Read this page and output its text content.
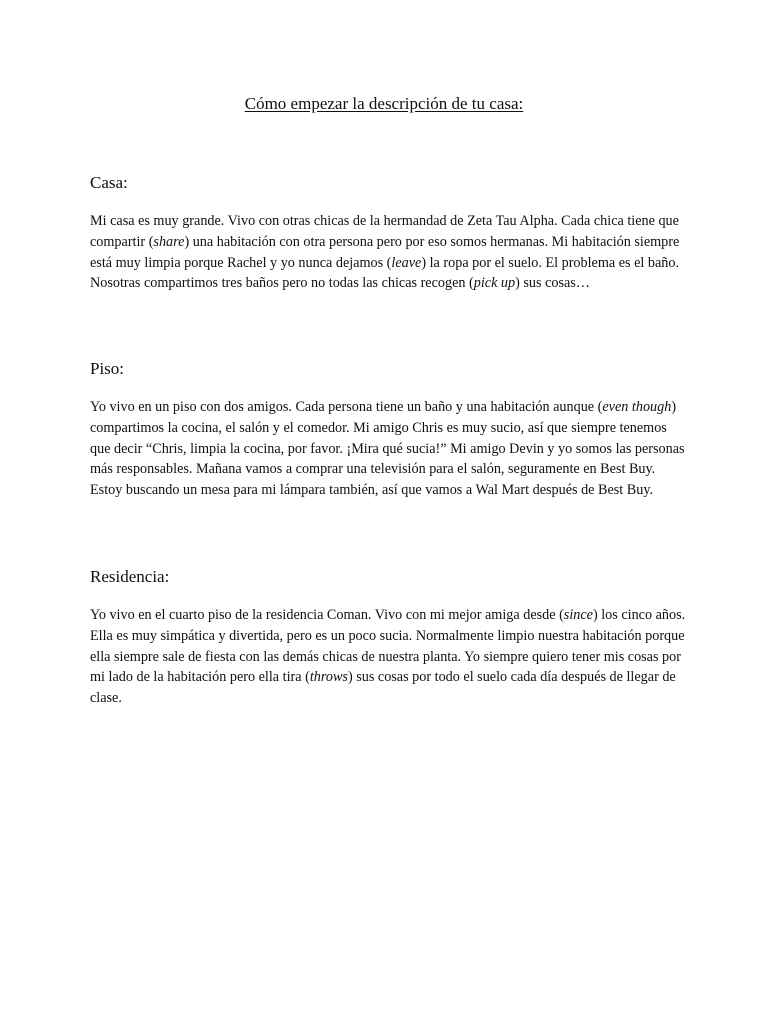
Cómo empezar la descripción de tu casa:
Casa:

Mi casa es muy grande. Vivo con otras chicas de la hermandad de Zeta Tau Alpha. Cada chica tiene que compartir (share) una habitación con otra persona pero por eso somos hermanas. Mi habitación siempre está muy limpia porque Rachel y yo nunca dejamos (leave) la ropa por el suelo. El problema es el baño. Nosotras compartimos tres baños pero no todas las chicas recogen (pick up) sus cosas…

Piso:

Yo vivo en un piso con dos amigos. Cada persona tiene un baño y una habitación aunque (even though) compartimos la cocina, el salón y el comedor. Mi amigo Chris es muy sucio, así que siempre tenemos que decir “Chris, limpia la cocina, por favor. ¡Mira qué sucia!” Mi amigo Devin y yo somos las personas más responsables. Mañana vamos a comprar una televisión para el salón, seguramente en Best Buy. Estoy buscando un mesa para mi lámpara también, así que vamos a Wal Mart después de Best Buy.

Residencia:

Yo vivo en el cuarto piso de la residencia Coman. Vivo con mi mejor amiga desde (since) los cinco años. Ella es muy simpática y divertida, pero es un poco sucia. Normalmente limpio nuestra habitación porque ella siempre sale de fiesta con las demás chicas de nuestra planta. Yo siempre quiero tener mis cosas por mi lado de la habitación pero ella tira (throws) sus cosas por todo el suelo cada día después de llegar de clase.
